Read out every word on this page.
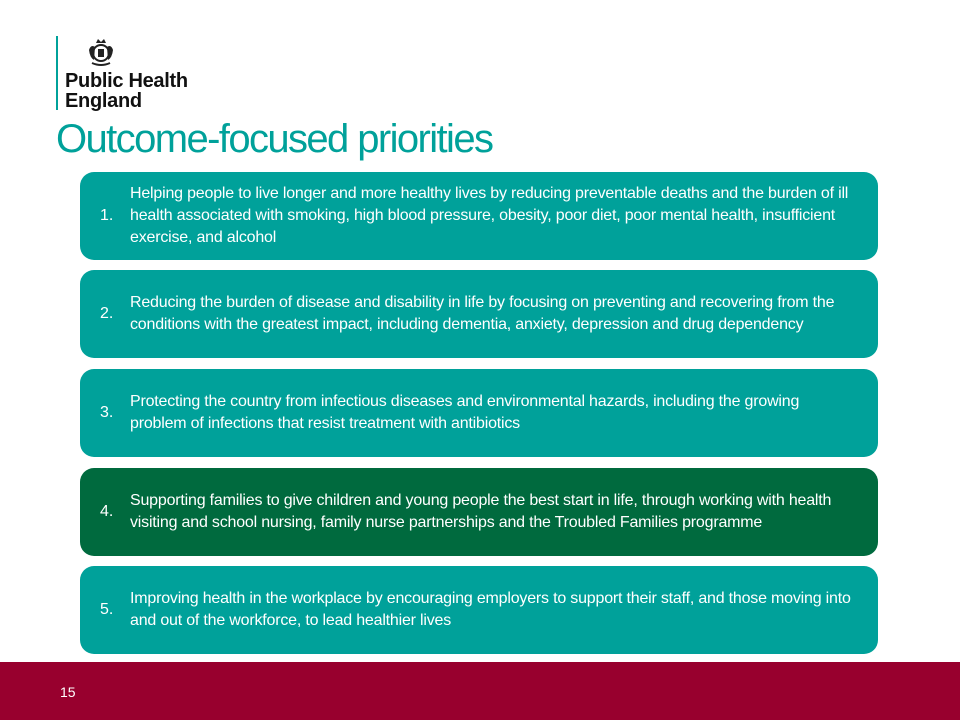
Public Health
England
Outcome-focused priorities
1.
Helping people to live longer and more healthy lives by reducing preventable deaths and the burden of ill health associated with smoking, high blood pressure, obesity, poor diet, poor mental health, insufficient exercise, and alcohol
2.
Reducing the burden of disease and disability in life by focusing on preventing and recovering from the conditions with the greatest impact, including dementia, anxiety, depression and drug dependency
3.
Protecting the country from infectious diseases and environmental hazards, including the growing problem of infections that resist treatment with antibiotics
4.
Supporting families to give children and young people the best start in life, through working with health visiting and school nursing, family nurse partnerships and the Troubled Families programme
5.
Improving health in the workplace by encouraging employers to support their staff, and those moving into and out of the workforce, to lead healthier lives
15
